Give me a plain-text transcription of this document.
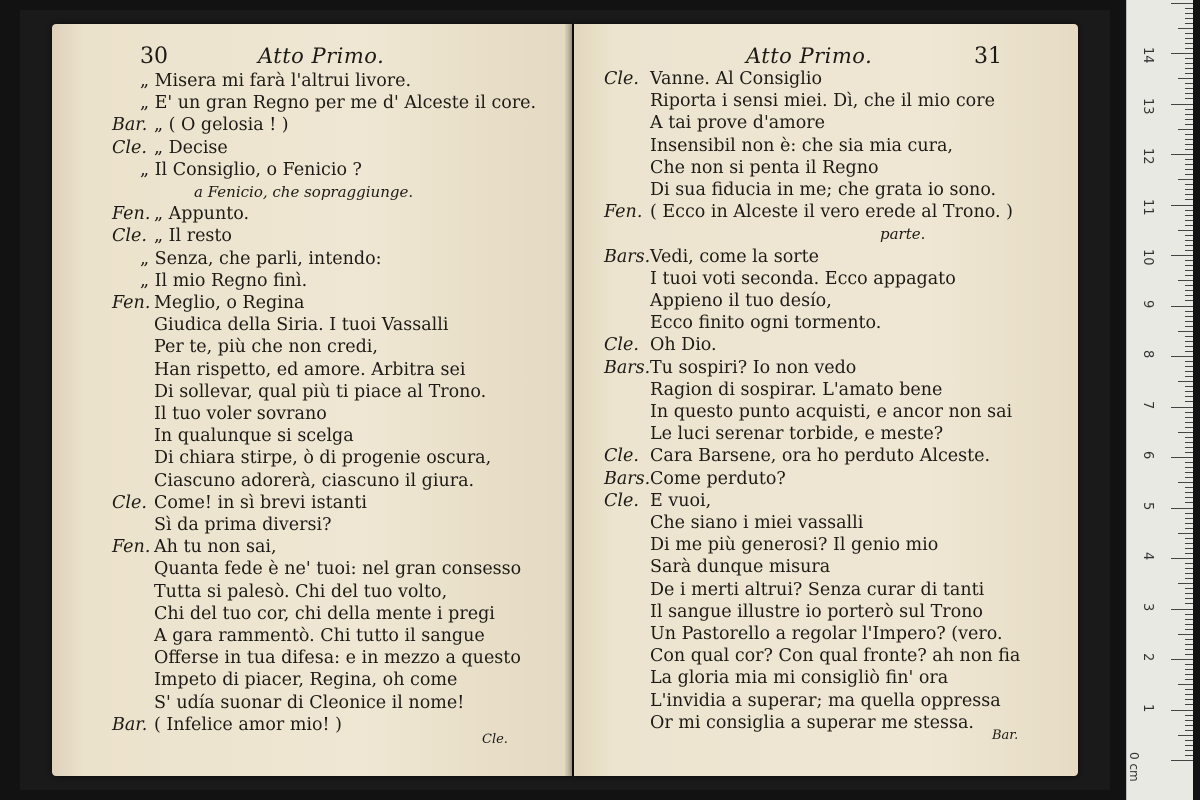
30	Atto Primo.
„ Misera mi farà l'altrui livore.
„ E' un gran Regno per me d' Alceste il core.
Bar. „ ( O gelosia ! )
Cle. „ Decise
„ Il Consiglio, o Fenicio ?
a Fenicio, che sopraggiunge.
Fen. „ Appunto.
Cle. „ Il resto
„ Senza, che parli, intendo:
„ Il mio Regno finì.
Fen. Meglio, o Regina
Giudica della Siria. I tuoi Vassalli
Per te, più che non credi,
Han rispetto, ed amore. Arbitra sei
Di sollevar, qual più ti piace al Trono.
Il tuo voler sovrano
In qualunque si scelga
Di chiara stirpe, ò di progenie oscura,
Ciascuno adorerà, ciascuno il giura.
Cle. Come! in sì brevi istanti
Sì da prima diversi?
Fen. Ah tu non sai,
Quanta fede è ne' tuoi: nel gran consesso
Tutta si palesò. Chi del tuo volto,
Chi del tuo cor, chi della mente i pregi
A gara rammentò. Chi tutto il sangue
Offerse in tua difesa: e in mezzo a questo
Impeto di piacer, Regina, oh come
S' udía suonar di Cleonice il nome!
Bar. ( Infelice amor mio! )
Cle.
Atto Primo.	31
Cle. Vanne. Al Consiglio
Riporta i sensi miei. Dì, che il mio core
A tai prove d'amore
Insensibil non è: che sia mia cura,
Che non si penta il Regno
Di sua fiducia in me; che grata io sono.
Fen. ( Ecco in Alceste il vero erede al Trono. )
parte.
Bars. Vedi, come la sorte
I tuoi voti seconda. Ecco appagato
Appieno il tuo desío,
Ecco finito ogni tormento.
Cle. Oh Dio.
Bars. Tu sospiri? Io non vedo
Ragion di sospirar. L'amato bene
In questo punto acquisti, e ancor non sai
Le luci serenar torbide, e meste?
Cle. Cara Barsene, ora ho perduto Alceste.
Bars. Come perduto?
Cle. E vuoi,
Che siano i miei vassalli
Di me più generosi? Il genio mio
Sarà dunque misura
De i merti altrui? Senza curar di tanti
Il sangue illustre io porterò sul Trono
Un Pastorello a regolar l'Impero? (vero.
Con qual cor? Con qual fronte? ah non fia
La gloria mia mi consigliò fin' ora
L'invidia a superar; ma quella oppressa
Or mi consiglia a superar me stessa.
Bar.
0 cm
1
2
3
4
5
6
7
8
9
10
11
12
13
14
